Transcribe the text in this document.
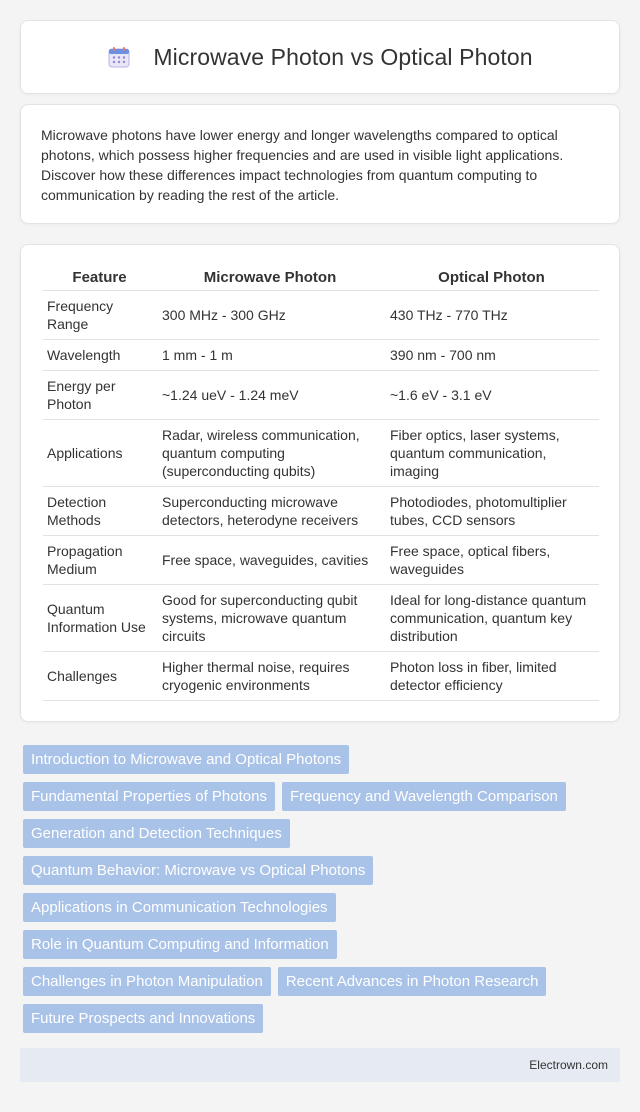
Microwave Photon vs Optical Photon

Microwave photons have lower energy and longer wavelengths compared to optical photons, which possess higher frequencies and are used in visible light applications. Discover how these differences impact technologies from quantum computing to communication by reading the rest of the article.

Feature	Microwave Photon	Optical Photon
Frequency Range	300 MHz - 300 GHz	430 THz - 770 THz
Wavelength	1 mm - 1 m	390 nm - 700 nm
Energy per Photon	~1.24 ueV - 1.24 meV	~1.6 eV - 3.1 eV
Applications	Radar, wireless communication, quantum computing (superconducting qubits)	Fiber optics, laser systems, quantum communication, imaging
Detection Methods	Superconducting microwave detectors, heterodyne receivers	Photodiodes, photomultiplier tubes, CCD sensors
Propagation Medium	Free space, waveguides, cavities	Free space, optical fibers, waveguides
Quantum Information Use	Good for superconducting qubit systems, microwave quantum circuits	Ideal for long-distance quantum communication, quantum key distribution
Challenges	Higher thermal noise, requires cryogenic environments	Photon loss in fiber, limited detector efficiency
Introduction to Microwave and Optical Photons
Fundamental Properties of Photons	Frequency and Wavelength Comparison
Generation and Detection Techniques
Quantum Behavior: Microwave vs Optical Photons
Applications in Communication Technologies
Role in Quantum Computing and Information
Challenges in Photon Manipulation	Recent Advances in Photon Research
Future Prospects and Innovations
Electrown.com
